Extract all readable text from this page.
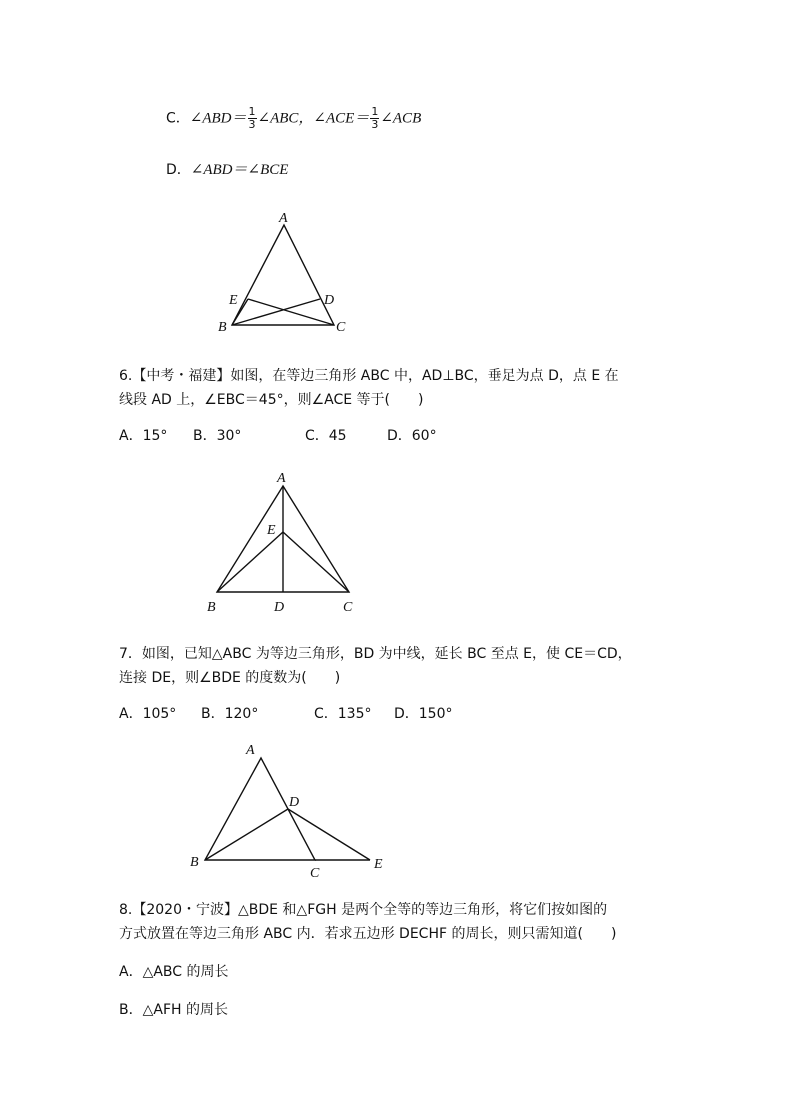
C．∠ABD＝ $\frac{1}{3}$ ∠ABC，∠ACE＝ $\frac{1}{3}$ ∠ACB
D．∠ABD＝∠BCE
A
E	D
B	C
6.【中考・福建】如图，在等边三角形 ABC 中，AD⊥BC，垂足为点 D，点 E 在
线段 AD 上，∠EBC＝45°，则∠ACE 等于(　　)
A．15° B．30°	C．45	D．60°
A
E
B	D	C
7．如图，已知△ABC 为等边三角形，BD 为中线，延长 BC 至点 E，使 CE＝CD，
连接 DE，则∠BDE 的度数为(　　)
A．105° B．120°	C．135° D．150°
A
D
B
C
E
8.【2020・宁波】△BDE 和△FGH 是两个全等的等边三角形，将它们按如图的
方式放置在等边三角形 ABC 内．若求五边形 DECHF 的周长，则只需知道(　　)
A．△ABC 的周长
B．△AFH 的周长
